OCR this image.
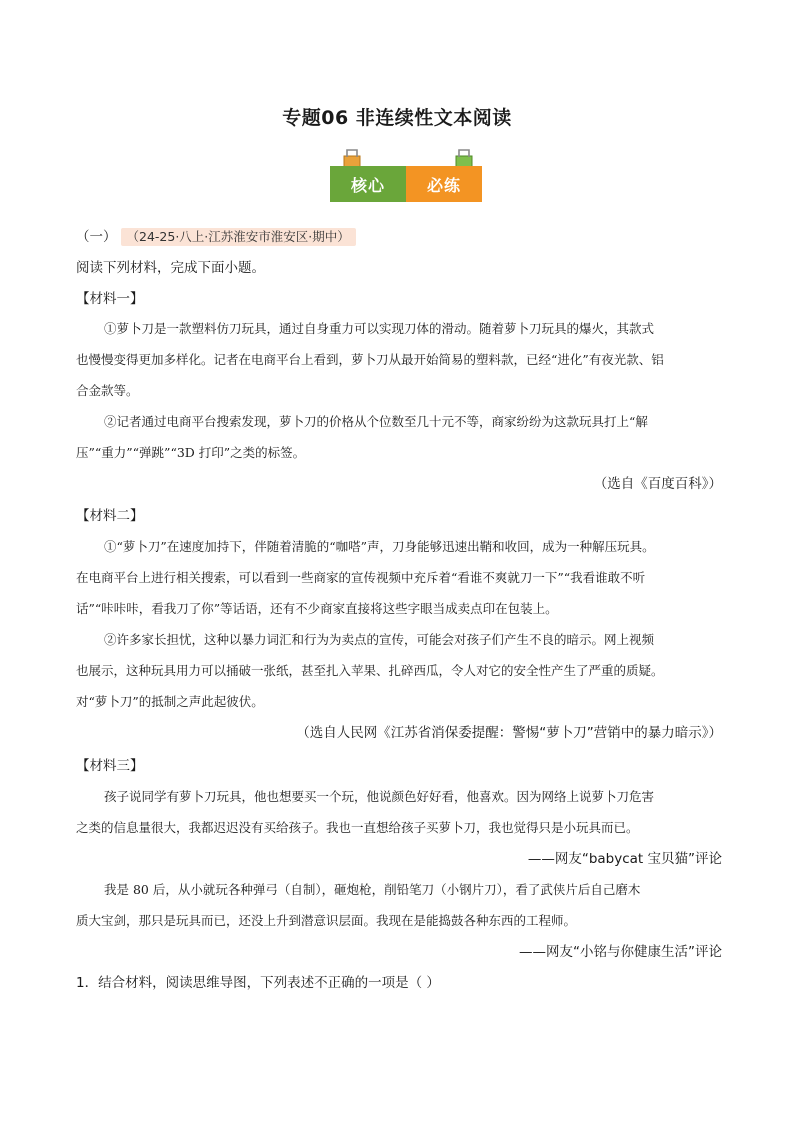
专题06 非连续性文本阅读
核心	必练
（一） （24-25·八上·江苏淮安市淮安区·期中）
阅读下列材料，完成下面小题。
【材料一】
①萝卜刀是一款塑料仿刀玩具，通过自身重力可以实现刀体的滑动。随着萝卜刀玩具的爆火，其款式
也慢慢变得更加多样化。记者在电商平台上看到，萝卜刀从最开始简易的塑料款，已经“进化”有夜光款、铝
合金款等。
②记者通过电商平台搜索发现，萝卜刀的价格从个位数至几十元不等，商家纷纷为这款玩具打上“解
压”“重力”“弹跳”“3D 打印”之类的标签。
（选自《百度百科》）
【材料二】
①“萝卜刀”在速度加持下，伴随着清脆的“咖嗒”声，刀身能够迅速出鞘和收回，成为一种解压玩具。
在电商平台上进行相关搜索，可以看到一些商家的宣传视频中充斥着“看谁不爽就刀一下”“我看谁敢不听
话”“咔咔咔，看我刀了你”等话语，还有不少商家直接将这些字眼当成卖点印在包装上。
②许多家长担忧，这种以暴力词汇和行为为卖点的宣传，可能会对孩子们产生不良的暗示。网上视频
也展示，这种玩具用力可以捅破一张纸，甚至扎入苹果、扎碎西瓜，令人对它的安全性产生了严重的质疑。
对“萝卜刀”的抵制之声此起彼伏。
（选自人民网《江苏省消保委提醒：警惕“萝卜刀”营销中的暴力暗示》）
【材料三】
孩子说同学有萝卜刀玩具，他也想要买一个玩，他说颜色好好看，他喜欢。因为网络上说萝卜刀危害
之类的信息量很大，我都迟迟没有买给孩子。我也一直想给孩子买萝卜刀，我也觉得只是小玩具而已。
——网友“babycat 宝贝猫”评论
我是 80 后，从小就玩各种弹弓（自制），砸炮枪，削铅笔刀（小钢片刀），看了武侠片后自己磨木
质大宝剑，那只是玩具而已，还没上升到潜意识层面。我现在是能捣鼓各种东西的工程师。
——网友“小铭与你健康生活”评论
1．结合材料，阅读思维导图，下列表述不正确的一项是（ ）
